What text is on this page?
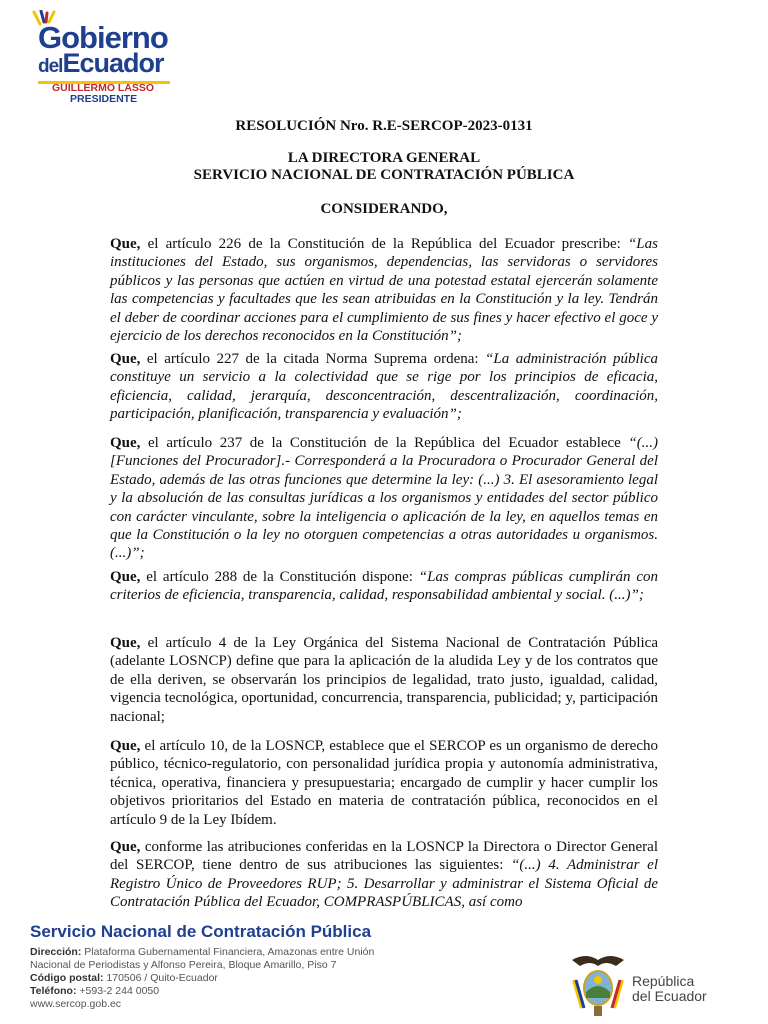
Gobierno
delEcuador
GUILLERMO LASSO
PRESIDENTE
RESOLUCIÓN Nro. R.E-SERCOP-2023-0131
LA DIRECTORA GENERAL
SERVICIO NACIONAL DE CONTRATACIÓN PÚBLICA
CONSIDERANDO,
Que, el artículo 226 de la Constitución de la República del Ecuador prescribe: “Las instituciones del Estado, sus organismos, dependencias, las servidoras o servidores públicos y las personas que actúen en virtud de una potestad estatal ejercerán solamente las competencias y facultades que les sean atribuidas en la Constitución y la ley. Tendrán el deber de coordinar acciones para el cumplimiento de sus fines y hacer efectivo el goce y ejercicio de los derechos reconocidos en la Constitución”;
Que, el artículo 227 de la citada Norma Suprema ordena: “La administración pública constituye un servicio a la colectividad que se rige por los principios de eficacia, eficiencia, calidad, jerarquía, desconcentración, descentralización, coordinación, participación, planificación, transparencia y evaluación”;
Que, el artículo 237 de la Constitución de la República del Ecuador establece “(...) [Funciones del Procurador].- Corresponderá a la Procuradora o Procurador General del Estado, además de las otras funciones que determine la ley: (...) 3. El asesoramiento legal y la absolución de las consultas jurídicas a los organismos y entidades del sector público con carácter vinculante, sobre la inteligencia o aplicación de la ley, en aquellos temas en que la Constitución o la ley no otorguen competencias a otras autoridades u organismos. (...)”;
Que, el artículo 288 de la Constitución dispone: “Las compras públicas cumplirán con criterios de eficiencia, transparencia, calidad, responsabilidad ambiental y social. (...)”;
Que, el artículo 4 de la Ley Orgánica del Sistema Nacional de Contratación Pública (adelante LOSNCP) define que para la aplicación de la aludida Ley y de los contratos que de ella deriven, se observarán los principios de legalidad, trato justo, igualdad, calidad, vigencia tecnológica, oportunidad, concurrencia, transparencia, publicidad; y, participación nacional;
Que, el artículo 10, de la LOSNCP, establece que el SERCOP es un organismo de derecho público, técnico-regulatorio, con personalidad jurídica propia y autonomía administrativa, técnica, operativa, financiera y presupuestaria; encargado de cumplir y hacer cumplir los objetivos prioritarios del Estado en materia de contratación pública, reconocidos en el artículo 9 de la Ley Ibídem.
Que, conforme las atribuciones conferidas en la LOSNCP la Directora o Director General del SERCOP, tiene dentro de sus atribuciones las siguientes: “(...) 4. Administrar el Registro Único de Proveedores RUP; 5. Desarrollar y administrar el Sistema Oficial de Contratación Pública del Ecuador, COMPRASPÚBLICAS, así como
Servicio Nacional de Contratación Pública
Dirección: Plataforma Gubernamental Financiera, Amazonas entre Unión
Nacional de Periodistas y Alfonso Pereira, Bloque Amarillo, Piso 7
Código postal: 170506 / Quito-Ecuador
Teléfono: +593-2 244 0050
www.sercop.gob.ec
República
del Ecuador
